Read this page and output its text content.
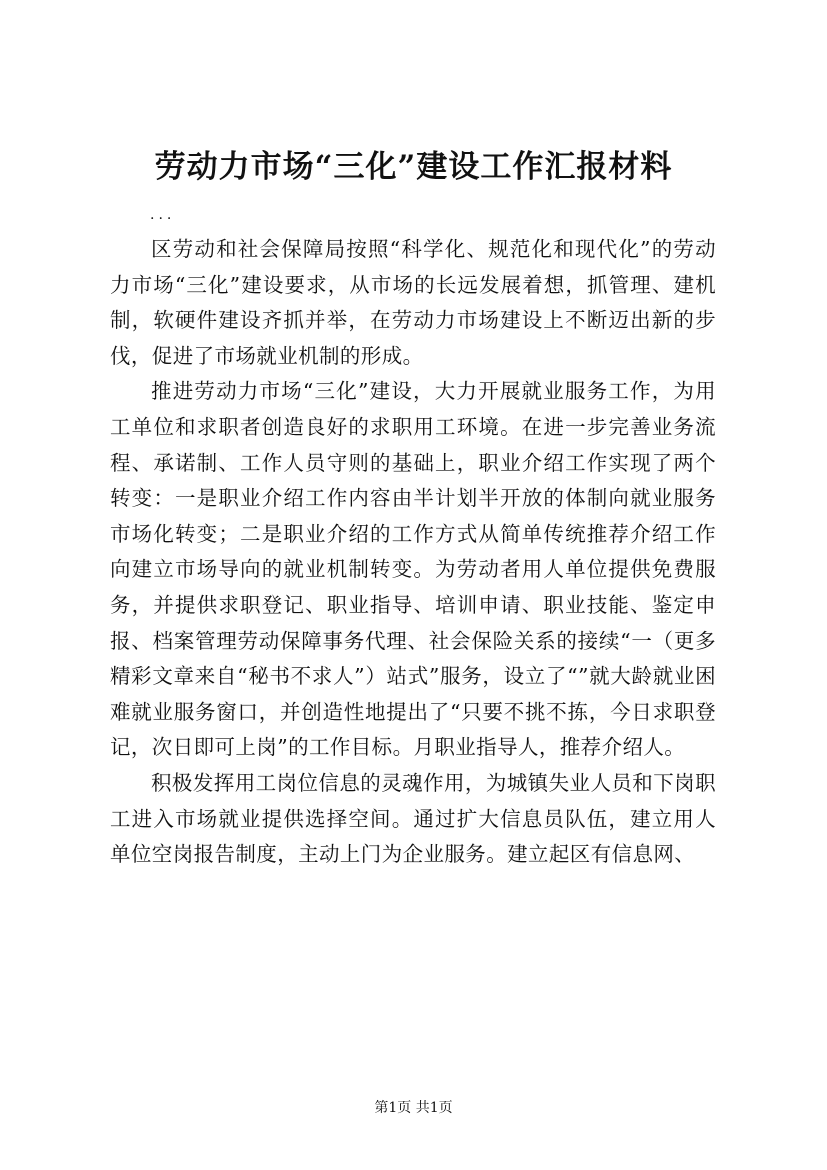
劳动力市场“三化”建设工作汇报材料
...

区劳动和社会保障局按照“科学化、规范化和现代化”的劳动力市场“三化”建设要求，从市场的长远发展着想，抓管理、建机制，软硬件建设齐抓并举，在劳动力市场建设上不断迈出新的步伐，促进了市场就业机制的形成。

推进劳动力市场“三化”建设，大力开展就业服务工作，为用工单位和求职者创造良好的求职用工环境。在进一步完善业务流程、承诺制、工作人员守则的基础上，职业介绍工作实现了两个转变：一是职业介绍工作内容由半计划半开放的体制向就业服务市场化转变；二是职业介绍的工作方式从简单传统推荐介绍工作向建立市场导向的就业机制转变。为劳动者用人单位提供免费服务，并提供求职登记、职业指导、培训申请、职业技能、鉴定申报、档案管理劳动保障事务代理、社会保险关系的接续“一（更多精彩文章来自“秘书不求人”）站式”服务，设立了“”就大龄就业困难就业服务窗口，并创造性地提出了“只要不挑不拣，今日求职登记，次日即可上岗”的工作目标。月职业指导人，推荐介绍人。

积极发挥用工岗位信息的灵魂作用，为城镇失业人员和下岗职工进入市场就业提供选择空间。通过扩大信息员队伍，建立用人单位空岗报告制度，主动上门为企业服务。建立起区有信息网、

第1页 共1页
